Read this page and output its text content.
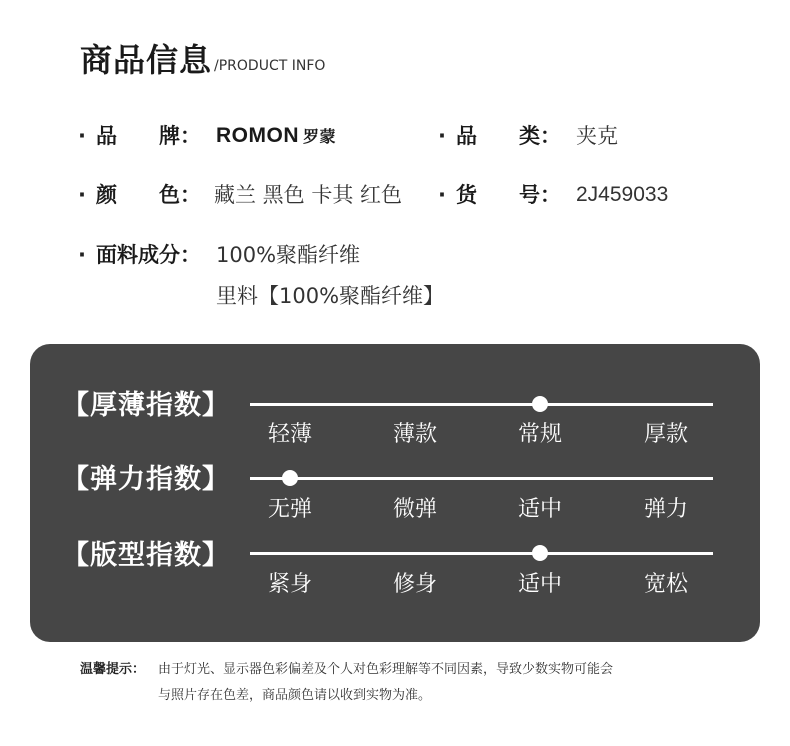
商品信息 /PRODUCT INFO
· 品　　牌： ROMON 罗蒙	· 品　　类： 夹克
· 颜　　色： 藏兰 黑色 卡其 红色 · 货　　号： 2J459033
· 面料成分： 100%聚酯纤维
里料【100%聚酯纤维】
【厚薄指数】
轻薄	薄款	常规	厚款
【弹力指数】
无弹	微弹	适中	弹力
【版型指数】
紧身	修身	适中	宽松
温馨提示： 由于灯光、显示器色彩偏差及个人对色彩理解等不同因素，导致少数实物可能会
与照片存在色差，商品颜色请以收到实物为准。
